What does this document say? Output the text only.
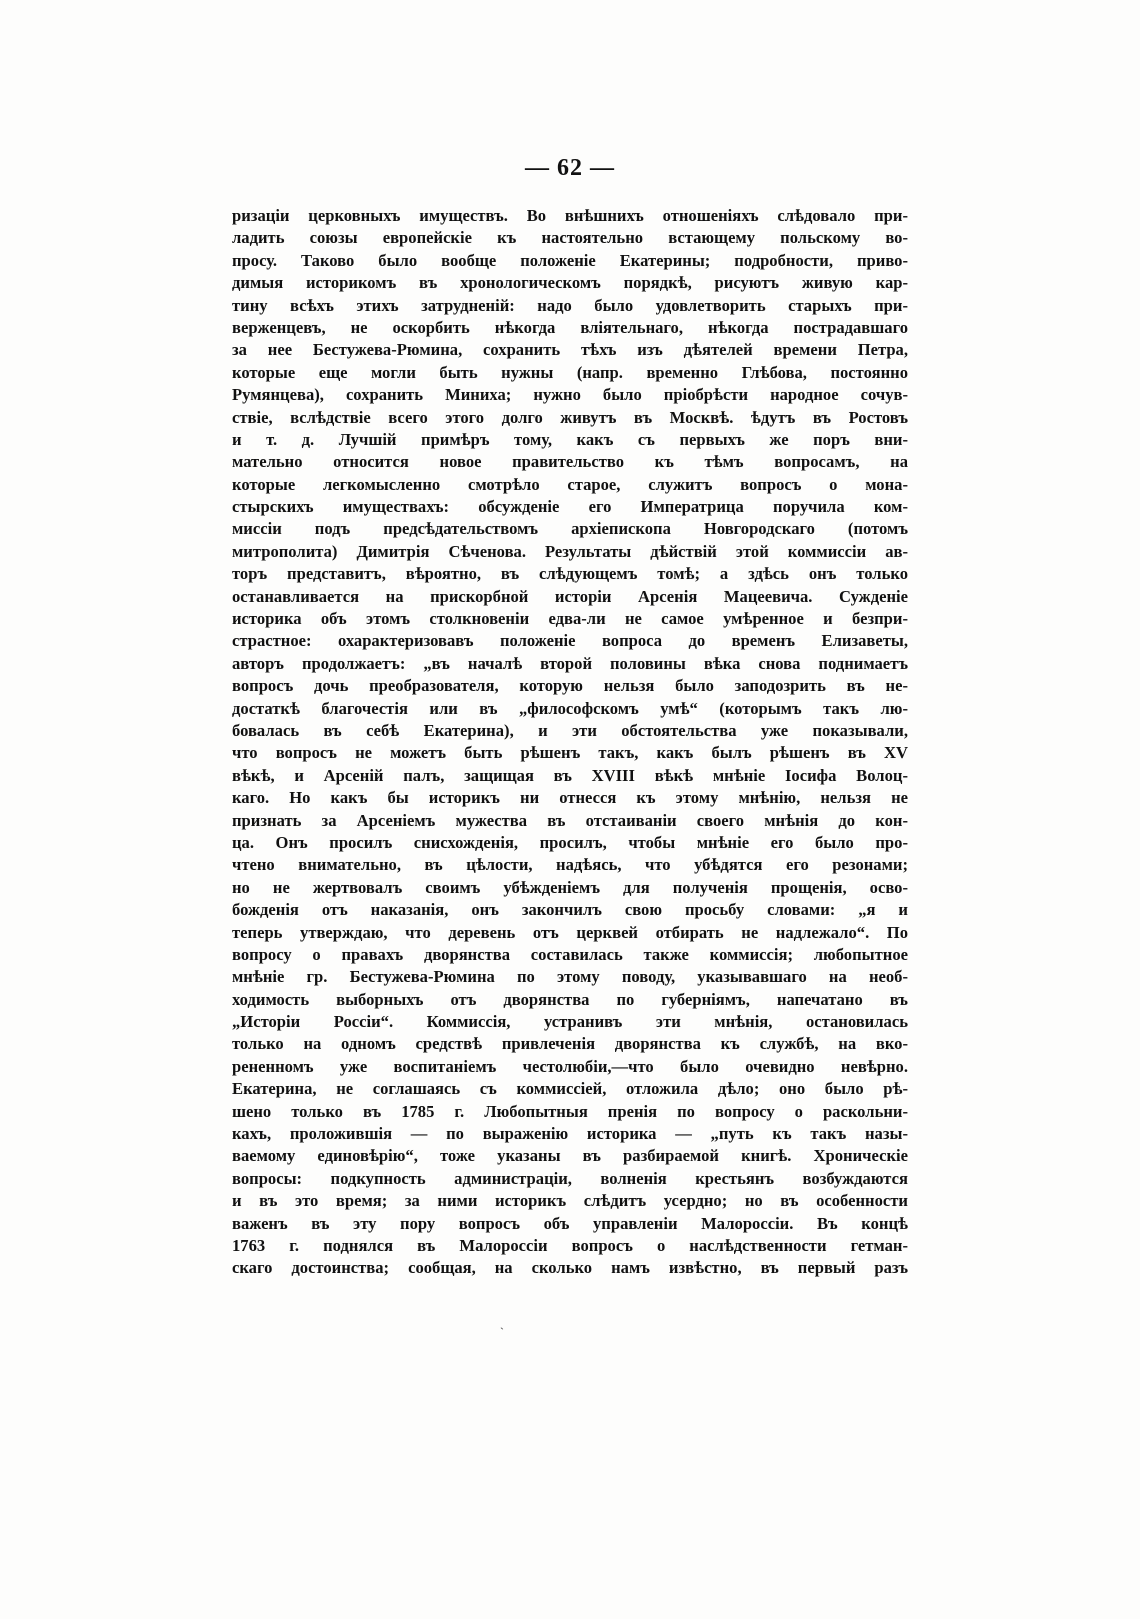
— 62 —
ризаціи церковныхъ имуществъ. Во внѣшнихъ отношеніяхъ слѣдовало при-
ладить союзы европейскіе къ настоятельно встающему польскому во-
просу. Таково было вообще положеніе Екатерины; подробности, приво-
димыя историкомъ въ хронологическомъ порядкѣ, рисуютъ живую кар-
тину всѣхъ этихъ затрудненій: надо было удовлетворить старыхъ при-
верженцевъ, не оскорбить нѣкогда вліятельнаго, нѣкогда пострадавшаго
за нее Бестужева-Рюмина, сохранить тѣхъ изъ дѣятелей времени Петра,
которые еще могли быть нужны (напр. временно Глѣбова, постоянно
Румянцева), сохранить Миниха; нужно было пріобрѣсти народное сочув-
ствіе, вслѣдствіе всего этого долго живутъ въ Москвѣ. ѣдутъ въ Ростовъ
и т. д. Лучшій примѣръ тому, какъ съ первыхъ же поръ вни-
мательно относится новое правительство къ тѣмъ вопросамъ, на
которые легкомысленно смотрѣло старое, служитъ вопросъ о мона-
стырскихъ имуществахъ: обсужденіе его Императрица поручила ком-
миссіи подъ предсѣдательствомъ архіепископа Новгородскаго (потомъ
митрополита) Димитрія Сѣченова. Результаты дѣйствій этой коммиссіи ав-
торъ представитъ, вѣроятно, въ слѣдующемъ томѣ; а здѣсь онъ только
останавливается на прискорбной исторіи Арсенія Мацеевича. Сужденіе
историка объ этомъ столкновеніи едва-ли не самое умѣренное и безпри-
страстное: охарактеризовавъ положеніе вопроса до временъ Елизаветы,
авторъ продолжаетъ: „въ началѣ второй половины вѣка снова поднимаетъ
вопросъ дочь преобразователя, которую нельзя было заподозрить въ не-
достаткѣ благочестія или въ „философскомъ умѣ“ (которымъ такъ лю-
бовалась въ себѣ Екатерина), и эти обстоятельства уже показывали,
что вопросъ не можетъ быть рѣшенъ такъ, какъ былъ рѣшенъ въ XV
вѣкѣ, и Арсеній палъ, защищая въ XVIII вѣкѣ мнѣніе Іосифа Волоц-
каго. Но какъ бы историкъ ни отнесся къ этому мнѣнію, нельзя не
признать за Арсеніемъ мужества въ отстаиваніи своего мнѣнія до кон-
ца. Онъ просилъ снисхожденія, просилъ, чтобы мнѣніе его было про-
чтено внимательно, въ цѣлости, надѣясь, что убѣдятся его резонами;
но не жертвовалъ своимъ убѣжденіемъ для полученія прощенія, осво-
божденія отъ наказанія, онъ закончилъ свою просьбу словами: „я и
теперь утверждаю, что деревень отъ церквей отбирать не надлежало“. По
вопросу о правахъ дворянства составилась также коммиссія; любопытное
мнѣніе гр. Бестужева-Рюмина по этому поводу, указывавшаго на необ-
ходимость выборныхъ отъ дворянства по губерніямъ, напечатано въ
„Исторіи Россіи“. Коммиссія, устранивъ эти мнѣнія, остановилась
только на одномъ средствѣ привлеченія дворянства къ службѣ, на вко-
рененномъ уже воспитаніемъ честолюбіи,—что было очевидно невѣрно.
Екатерина, не соглашаясь съ коммиссіей, отложила дѣло; оно было рѣ-
шено только въ 1785 г. Любопытныя пренія по вопросу о раскольни-
кахъ, проложившія — по выраженію историка — „путь къ такъ назы-
ваемому единовѣрію“, тоже указаны въ разбираемой книгѣ. Хроническіе
вопросы: подкупность администраціи, волненія крестьянъ возбуждаются
и въ это время; за ними историкъ слѣдитъ усердно; но въ особенности
важенъ въ эту пору вопросъ объ управленіи Малороссіи. Въ концѣ
1763 г. поднялся въ Малороссіи вопросъ о наслѣдственности гетман-
скаго достоинства; сообщая, на сколько намъ извѣстно, въ первый разъ
ˋ
